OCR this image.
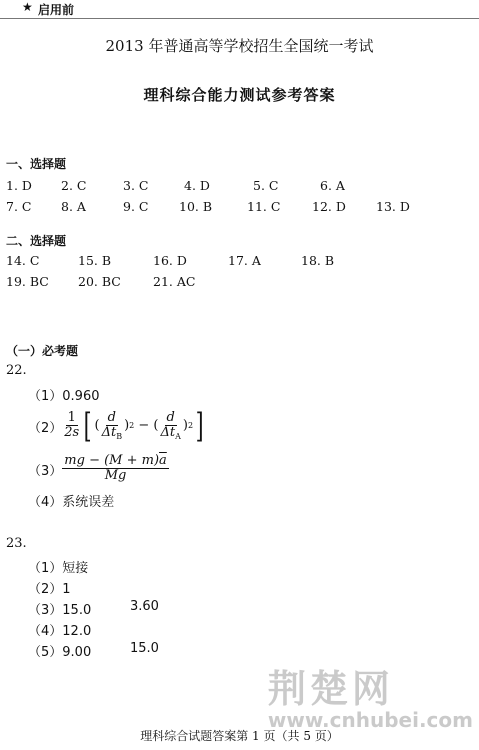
★ 启用前
2013 年普通高等学校招生全国统一考试
理科综合能力测试参考答案
一、选择题
1. D 2. C	3. C	4. D	5. C	6. A
7. C 8. A	9. C 10. B	11. C	12. D 13. D
二、选择题
14. C	15. B	16. D	17. A	18. B
19. BC 20. BC	21. AC
（一）必考题
22.
（1）0.960
$(2) \frac{1}{2s}$ [ ( $\frac{d}{\Delta t_B}$ ) 2 − ( $\frac{d}{\Delta t_A}$ ) 2 ]
$(3) \frac{mg - (M + m)\overline{a}}{Mg}$
（4）系统误差
23.
（1）短接
（2）1
（3）15.0	3.60
（4）12.0
（5）9.00	15.0
荆楚网
www.cnhubei.com
理科综合试题答案第 1 页（共 5 页）
